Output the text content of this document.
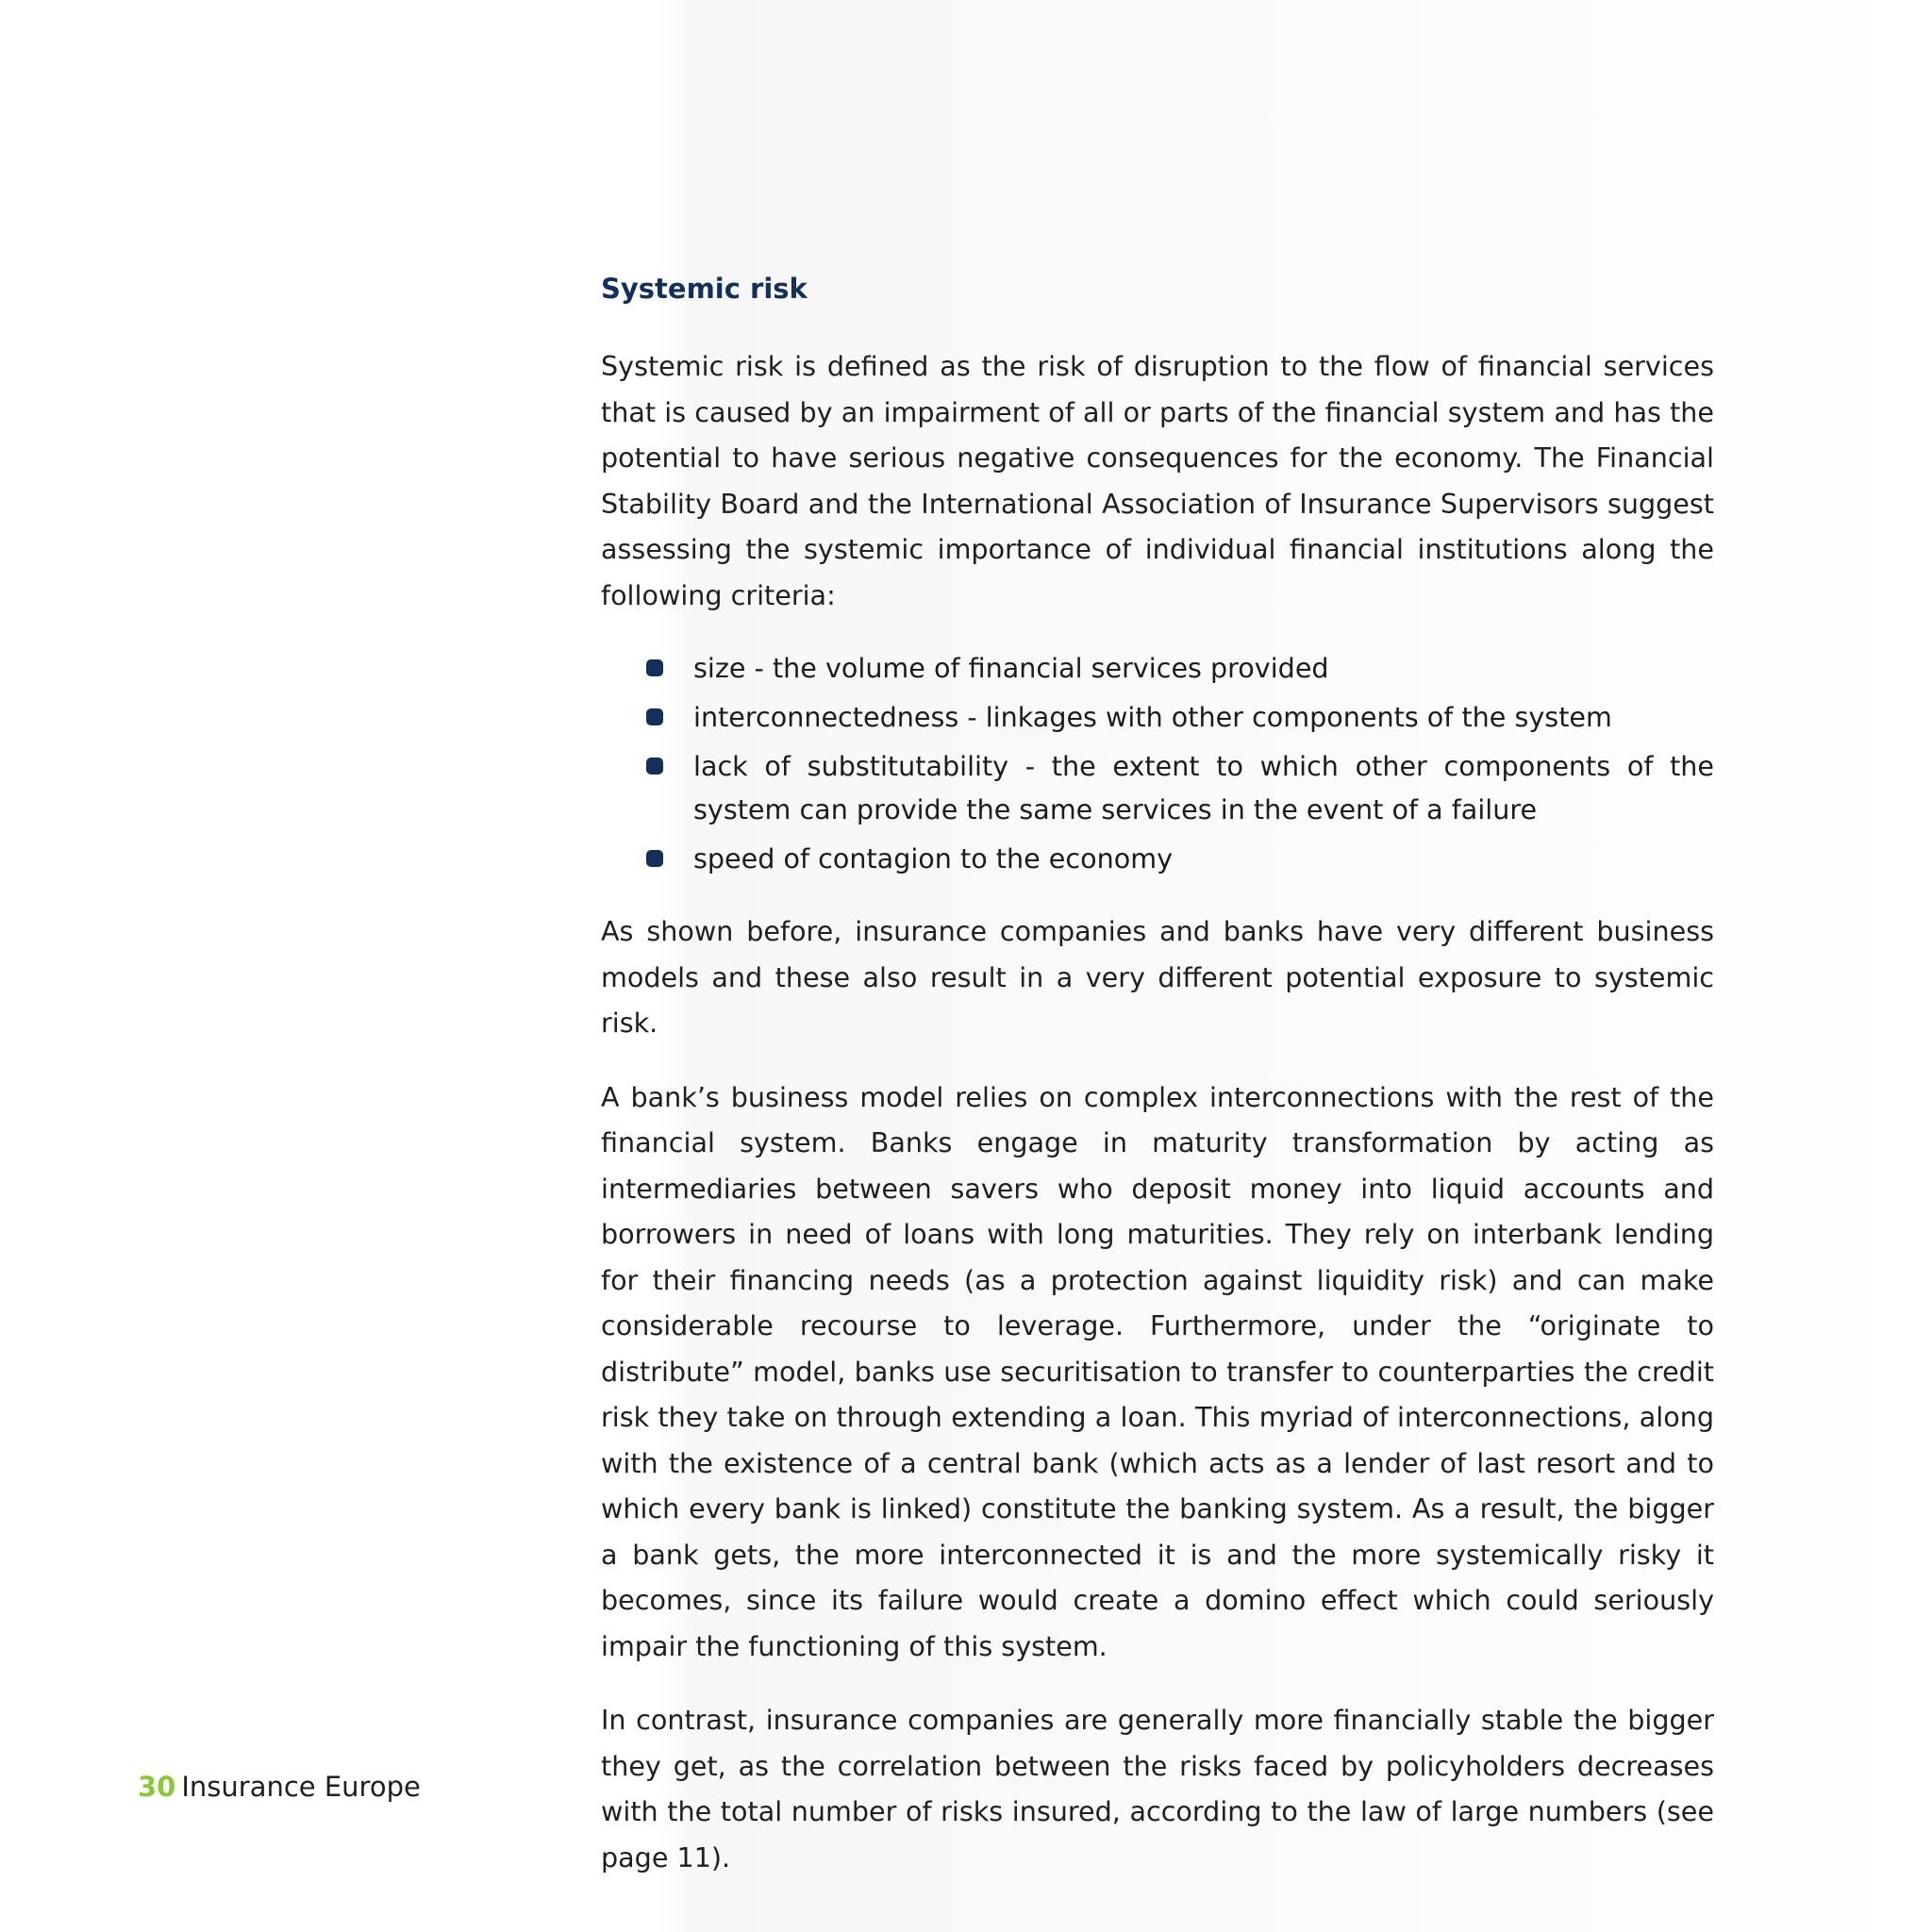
Systemic risk

Systemic risk is defined as the risk of disruption to the flow of financial services that is caused by an impairment of all or parts of the financial system and has the potential to have serious negative consequences for the economy. The Financial Stability Board and the International Association of Insurance Supervisors suggest assessing the systemic importance of individual financial institutions along the following criteria:

size - the volume of financial services provided
interconnectedness - linkages with other components of the system
lack of substitutability - the extent to which other components of the system can provide the same services in the event of a failure
speed of contagion to the economy

As shown before, insurance companies and banks have very different business models and these also result in a very different potential exposure to systemic risk.

A bank’s business model relies on complex interconnections with the rest of the financial system. Banks engage in maturity transformation by acting as intermediaries between savers who deposit money into liquid accounts and borrowers in need of loans with long maturities. They rely on interbank lending for their financing needs (as a protection against liquidity risk) and can make considerable recourse to leverage. Furthermore, under the “originate to distribute” model, banks use securitisation to transfer to counterparties the credit risk they take on through extending a loan. This myriad of interconnections, along with the existence of a central bank (which acts as a lender of last resort and to which every bank is linked) constitute the banking system. As a result, the bigger a bank gets, the more interconnected it is and the more systemically risky it becomes, since its failure would create a domino effect which could seriously impair the functioning of this system.

In contrast, insurance companies are generally more financially stable the bigger they get, as the correlation between the risks faced by policyholders decreases with the total number of risks insured, according to the law of large numbers (see page 11).

30 Insurance Europe
